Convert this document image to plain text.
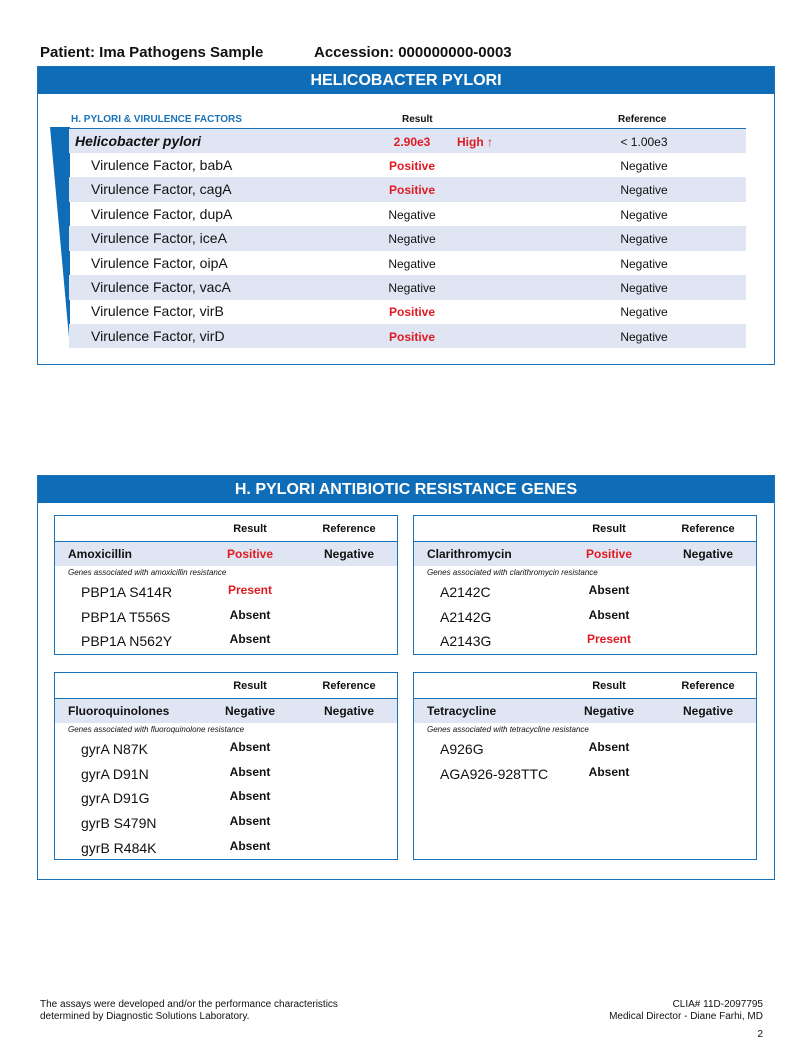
Patient: Ima Pathogens Sample	Accession: 000000000-0003
HELICOBACTER PYLORI
H. PYLORI & VIRULENCE FACTORS	Result	Reference
Helicobacter pylori	2.90e3	High ↑	< 1.00e3
Virulence Factor, babA	Positive	Negative
Virulence Factor, cagA	Positive	Negative
Virulence Factor, dupA	Negative	Negative
Virulence Factor, iceA	Negative	Negative
Virulence Factor, oipA	Negative	Negative
Virulence Factor, vacA	Negative	Negative
Virulence Factor, virB	Positive	Negative
Virulence Factor, virD	Positive	Negative
H. PYLORI ANTIBIOTIC RESISTANCE GENES
Result	Reference
Amoxicillin	Positive	Negative
Genes associated with amoxicillin resistance
PBP1A S414R	Present
PBP1A T556S	Absent
PBP1A N562Y	Absent
Result	Reference
Clarithromycin	Positive	Negative
Genes associated with clarithromycin resistance
A2142C	Absent
A2142G	Absent
A2143G	Present
Result	Reference
Fluoroquinolones	Negative	Negative
Genes associated with fluoroquinolone resistance
gyrA N87K	Absent
gyrA D91N	Absent
gyrA D91G	Absent
gyrB S479N	Absent
gyrB R484K	Absent
Result	Reference
Tetracycline	Negative	Negative
Genes associated with tetracycline resistance
A926G	Absent
AGA926-928TTC	Absent
The assays were developed and/or the performance characteristics
determined by Diagnostic Solutions Laboratory.
CLIA# 11D-2097795
Medical Director - Diane Farhi, MD
2
